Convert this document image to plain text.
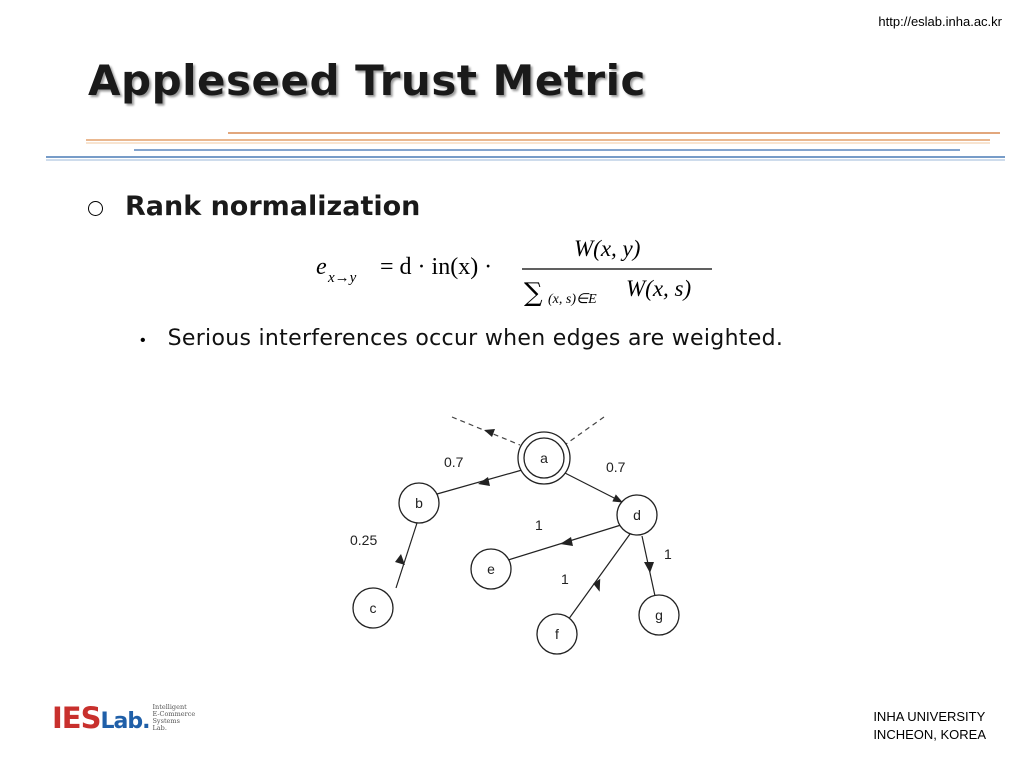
http://eslab.inha.ac.kr
Appleseed Trust Metric
Rank normalization
e x→y = d · in(x) ·
W(x, y)
∑ (x, s)∈E W(x, s)
• Serious interferences occur when edges are weighted.
a
b
c
d
e
f
g
0.7	0.7
0.25
1
1
1
IESLab.
Intelligent
E-Commerce
Systems
Lab.
INHA UNIVERSITY
INCHEON, KOREA
